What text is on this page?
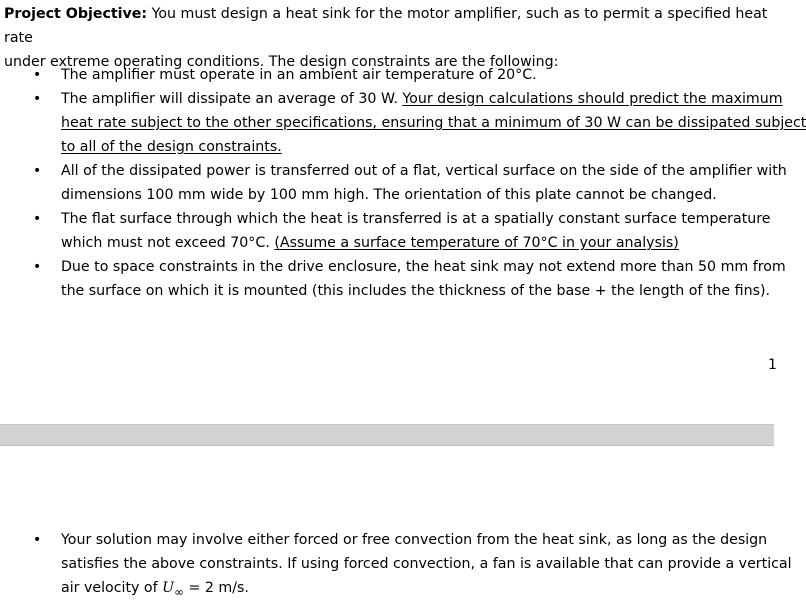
Project Objective: You must design a heat sink for the motor amplifier, such as to permit a specified heat rate
under extreme operating conditions. The design constraints are the following:

• The amplifier must operate in an ambient air temperature of 20°C.
• The amplifier will dissipate an average of 30 W. Your design calculations should predict the maximum
heat rate subject to the other specifications, ensuring that a minimum of 30 W can be dissipated subject
to all of the design constraints.
• All of the dissipated power is transferred out of a flat, vertical surface on the side of the amplifier with
dimensions 100 mm wide by 100 mm high. The orientation of this plate cannot be changed.
• The flat surface through which the heat is transferred is at a spatially constant surface temperature
which must not exceed 70°C. (Assume a surface temperature of 70°C in your analysis)
• Due to space constraints in the drive enclosure, the heat sink may not extend more than 50 mm from
the surface on which it is mounted (this includes the thickness of the base + the length of the fins).
1
• Your solution may involve either forced or free convection from the heat sink, as long as the design
satisfies the above constraints. If using forced convection, a fan is available that can provide a vertical
air velocity of $U_\infty = 2$ m/s.
